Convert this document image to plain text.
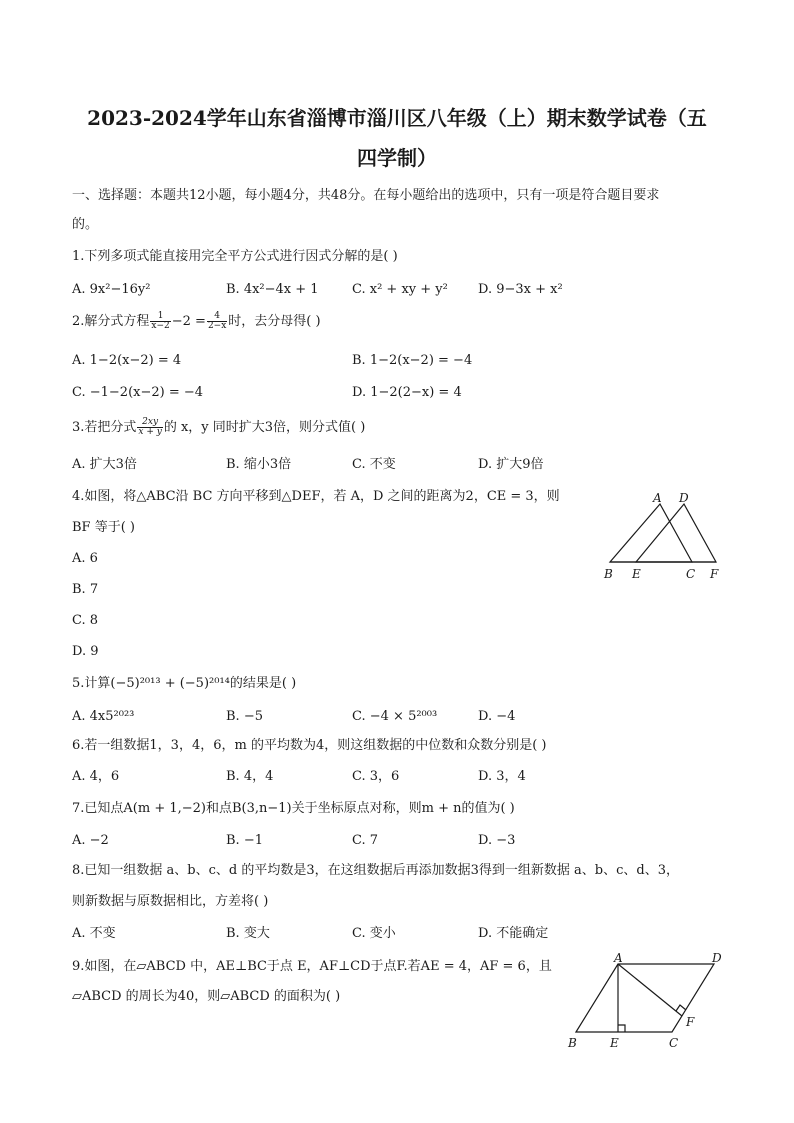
2023-2024学年山东省淄博市淄川区八年级（上）期末数学试卷（五
四学制）
一、选择题：本题共12小题，每小题4分，共48分。在每小题给出的选项中，只有一项是符合题目要求
的。
1.下列多项式能直接用完全平方公式进行因式分解的是( )
A. 9x²−16y²	B. 4x²−4x + 1	C. x² + xy + y² D. 9−3x + x²
2.解分式方程 $\frac{1}{x-2} -2 = \frac{4}{2-x}$ 时，去分母得( )
A. 1−2(x−2) = 4	B. 1−2(x−2) = −4
C. −1−2(x−2) = −4	D. 1−2(2−x) = 4
3.若把分式 $\frac{2xy}{x + y}$ 的 x，y 同时扩大3倍，则分式值( )
A. 扩大3倍	B. 缩小3倍	C. 不变	D. 扩大9倍
4.如图，将△ABC沿 BC 方向平移到△DEF，若 A，D 之间的距离为2，CE = 3，则
BF 等于( )
A. 6
B. 7
C. 8
D. 9
A D
B E	C F
5.计算(−5)²⁰¹³ + (−5)²⁰¹⁴的结果是( )
A. 4x5²⁰²³	B. −5	C. −4 × 5²⁰⁰³	D. −4
6.若一组数据1，3，4，6，m 的平均数为4，则这组数据的中位数和众数分别是( )
A. 4，6	B. 4，4	C. 3，6	D. 3，4
7.已知点A(m + 1,−2)和点B(3,n−1)关于坐标原点对称，则m + n的值为( )
A. −2	B. −1	C. 7	D. −3
8.已知一组数据 a、b、c、d 的平均数是3，在这组数据后再添加数据3得到一组新数据 a、b、c、d、3，
则新数据与原数据相比，方差将( )
A. 不变	B. 变大	C. 变小	D. 不能确定
9.如图，在▱ABCD 中，AE⊥BC于点 E，AF⊥CD于点F.若AE = 4，AF = 6，且
▱ABCD 的周长为40，则▱ABCD 的面积为( )
A	D
B	E	C
F
